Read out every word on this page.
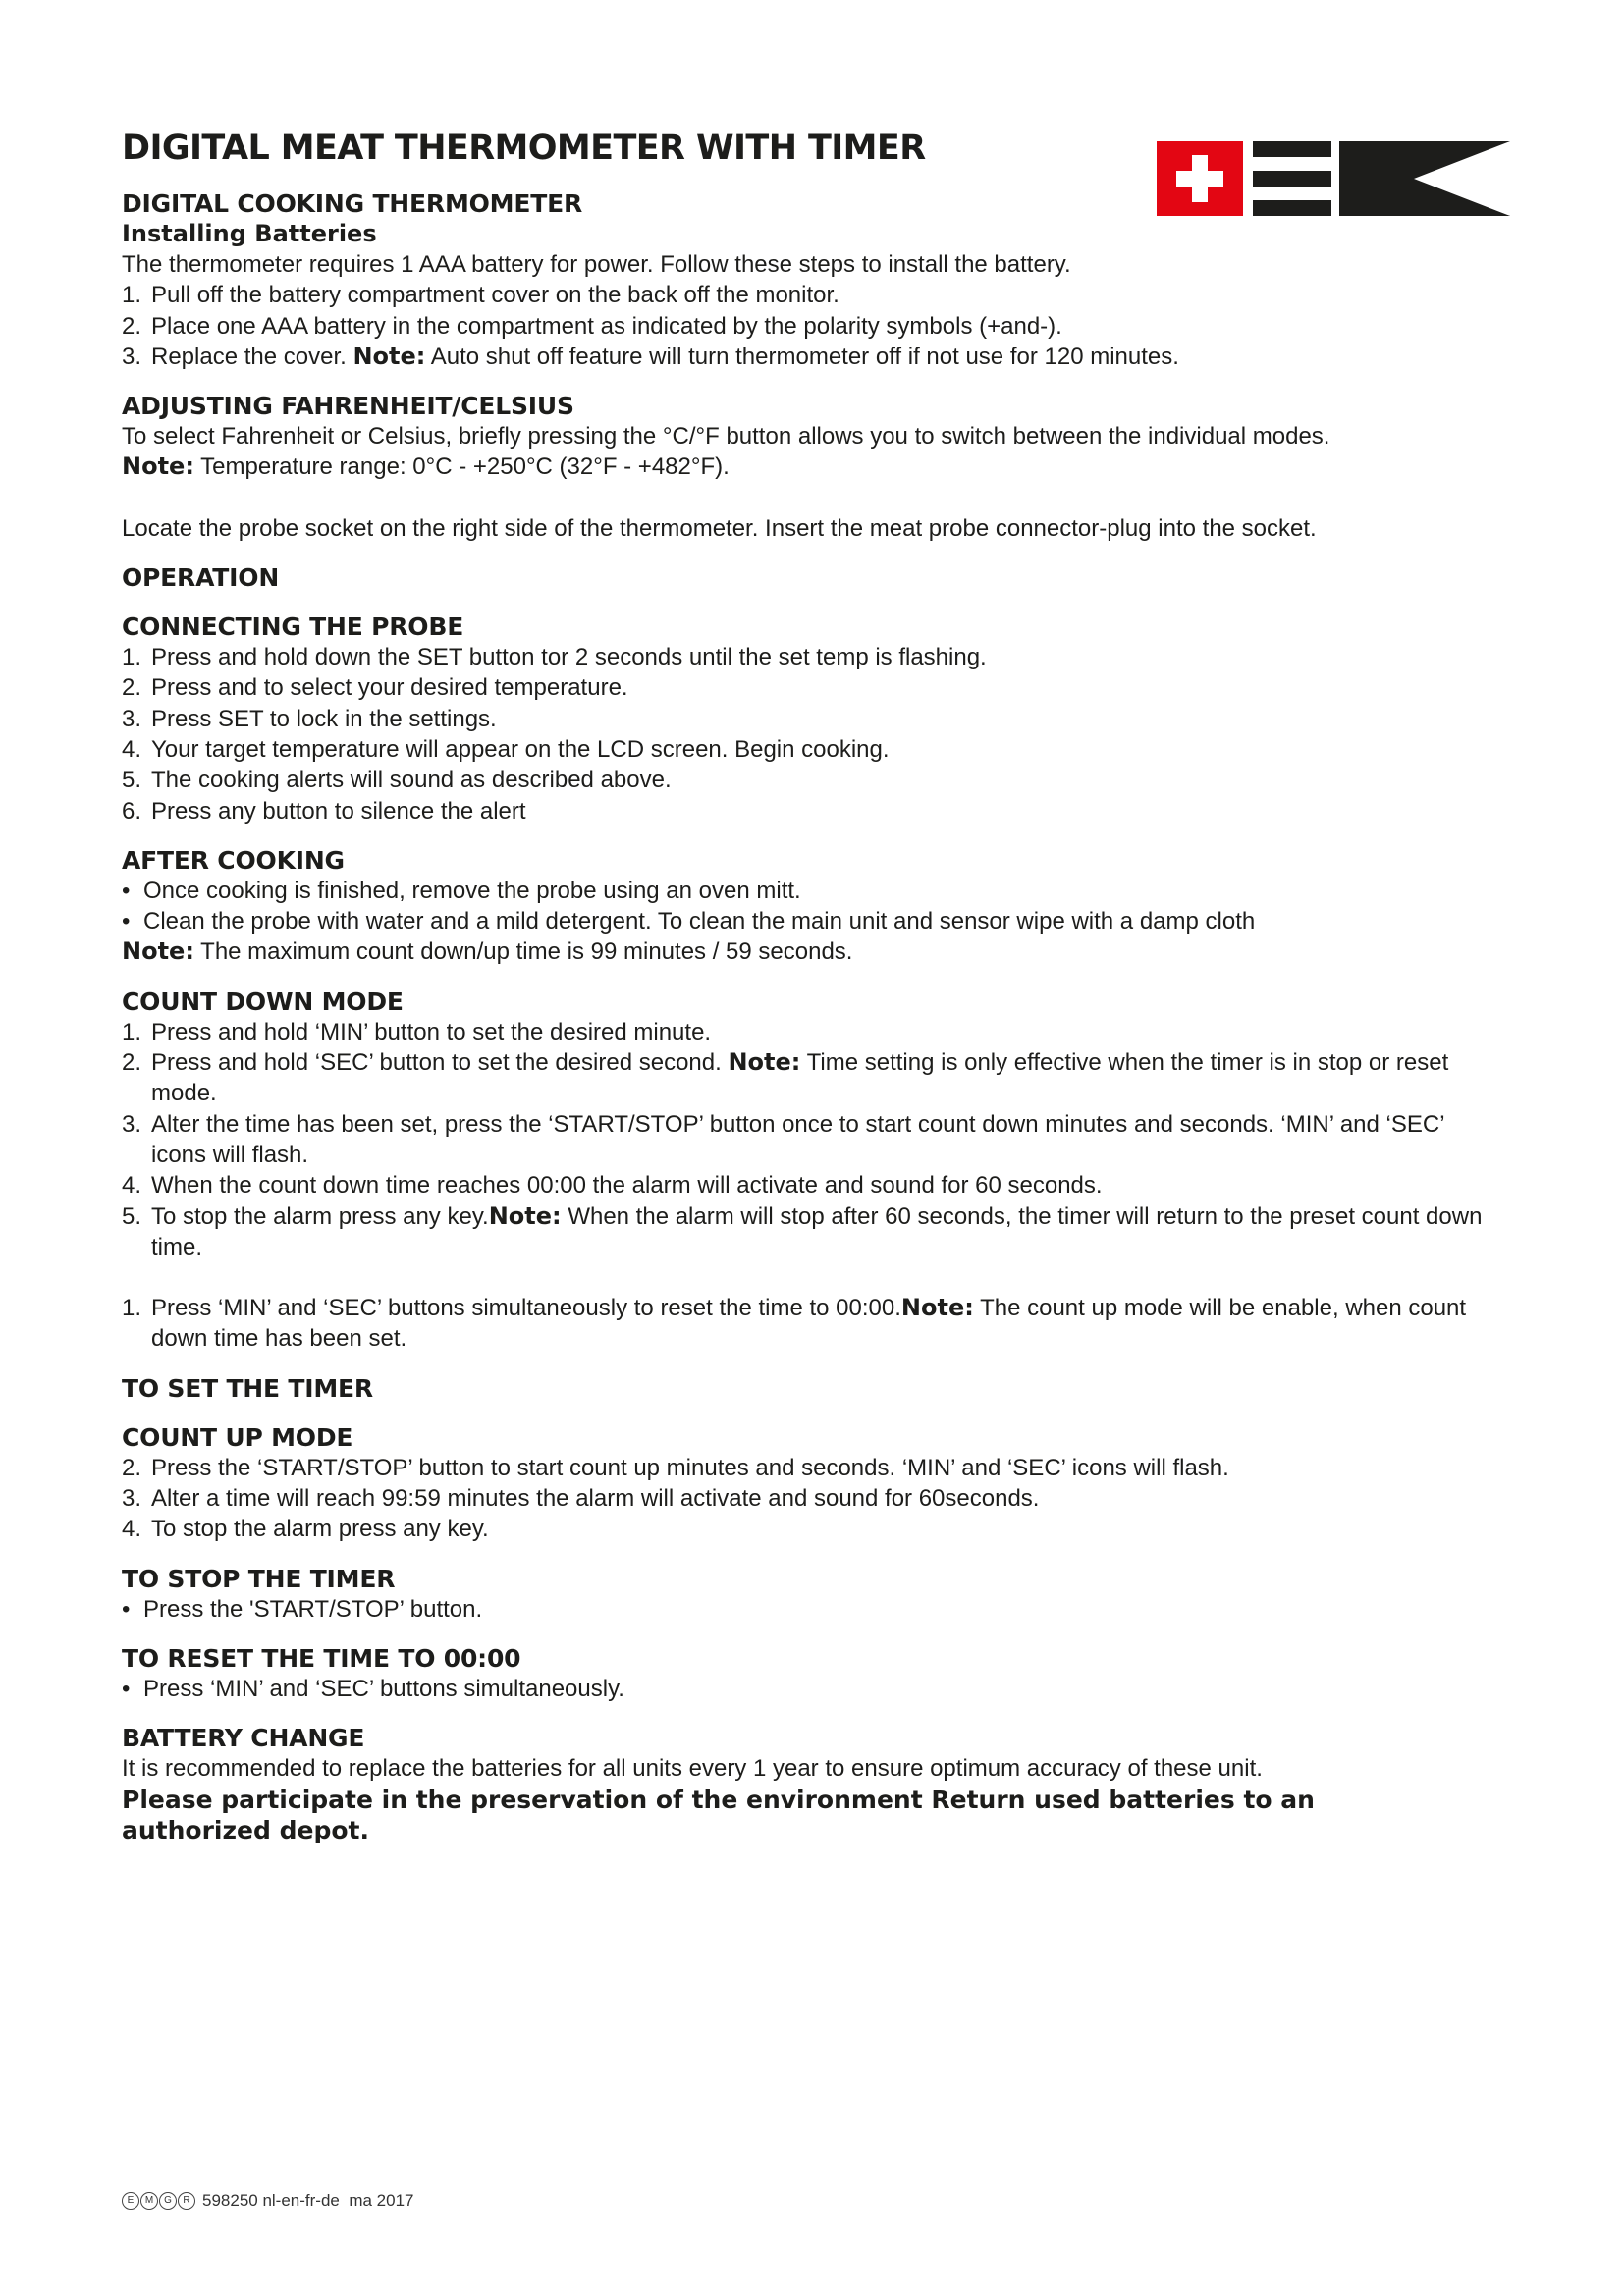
DIGITAL MEAT THERMOMETER WITH TIMER

DIGITAL COOKING THERMOMETER

Installing Batteries

The thermometer requires 1 AAA battery for power. Follow these steps to install the battery.

1. Pull off the battery compartment cover on the back off the monitor.
2. Place one AAA battery in the compartment as indicated by the polarity symbols (+and-).
3. Replace the cover. Note: Auto shut off feature will turn thermometer off if not use for 120 minutes.

ADJUSTING FAHRENHEIT/CELSIUS

To select Fahrenheit or Celsius, briefly pressing the °C/°F button allows you to switch between the individual modes.

Note: Temperature range: 0°C - +250°C (32°F - +482°F).

Locate the probe socket on the right side of the thermometer. Insert the meat probe connector-plug into the socket.

OPERATION

CONNECTING THE PROBE

1. Press and hold down the SET button tor 2 seconds until the set temp is flashing.
2. Press and to select your desired temperature.
3. Press SET to lock in the settings.
4. Your target temperature will appear on the LCD screen. Begin cooking.
5. The cooking alerts will sound as described above.
6. Press any button to silence the alert

AFTER COOKING

• Once cooking is finished, remove the probe using an oven mitt.
• Clean the probe with water and a mild detergent. To clean the main unit and sensor wipe with a damp cloth

Note: The maximum count down/up time is 99 minutes / 59 seconds.

COUNT DOWN MODE

1. Press and hold ‘MIN’ button to set the desired minute.
2. Press and hold ‘SEC’ button to set the desired second. Note: Time setting is only effective when the timer is in stop or reset mode.
3. Alter the time has been set, press the ‘START/STOP’ button once to start count down minutes and seconds. ‘MIN’ and ‘SEC’ icons will flash.
4. When the count down time reaches 00:00 the alarm will activate and sound for 60 seconds.
5. To stop the alarm press any key.Note: When the alarm will stop after 60 seconds, the timer will return to the preset count down time.
1. Press ‘MIN’ and ‘SEC’ buttons simultaneously to reset the time to 00:00.Note: The count up mode will be enable, when count down time has been set.

TO SET THE TIMER

COUNT UP MODE

2. Press the ‘START/STOP’ button to start count up minutes and seconds. ‘MIN’ and ‘SEC’ icons will flash.
3. Alter a time will reach 99:59 minutes the alarm will activate and sound for 60seconds.
4. To stop the alarm press any key.

TO STOP THE TIMER

• Press the 'START/STOP’ button.

TO RESET THE TIME TO 00:00

• Press ‘MIN’ and ‘SEC’ buttons simultaneously.

BATTERY CHANGE

It is recommended to replace the batteries for all units every 1 year to ensure optimum accuracy of these unit.

Please participate in the preservation of the environment Return used batteries to an authorized depot.

E	M	G	R 598250 nl-en-fr-de  ma 2017
